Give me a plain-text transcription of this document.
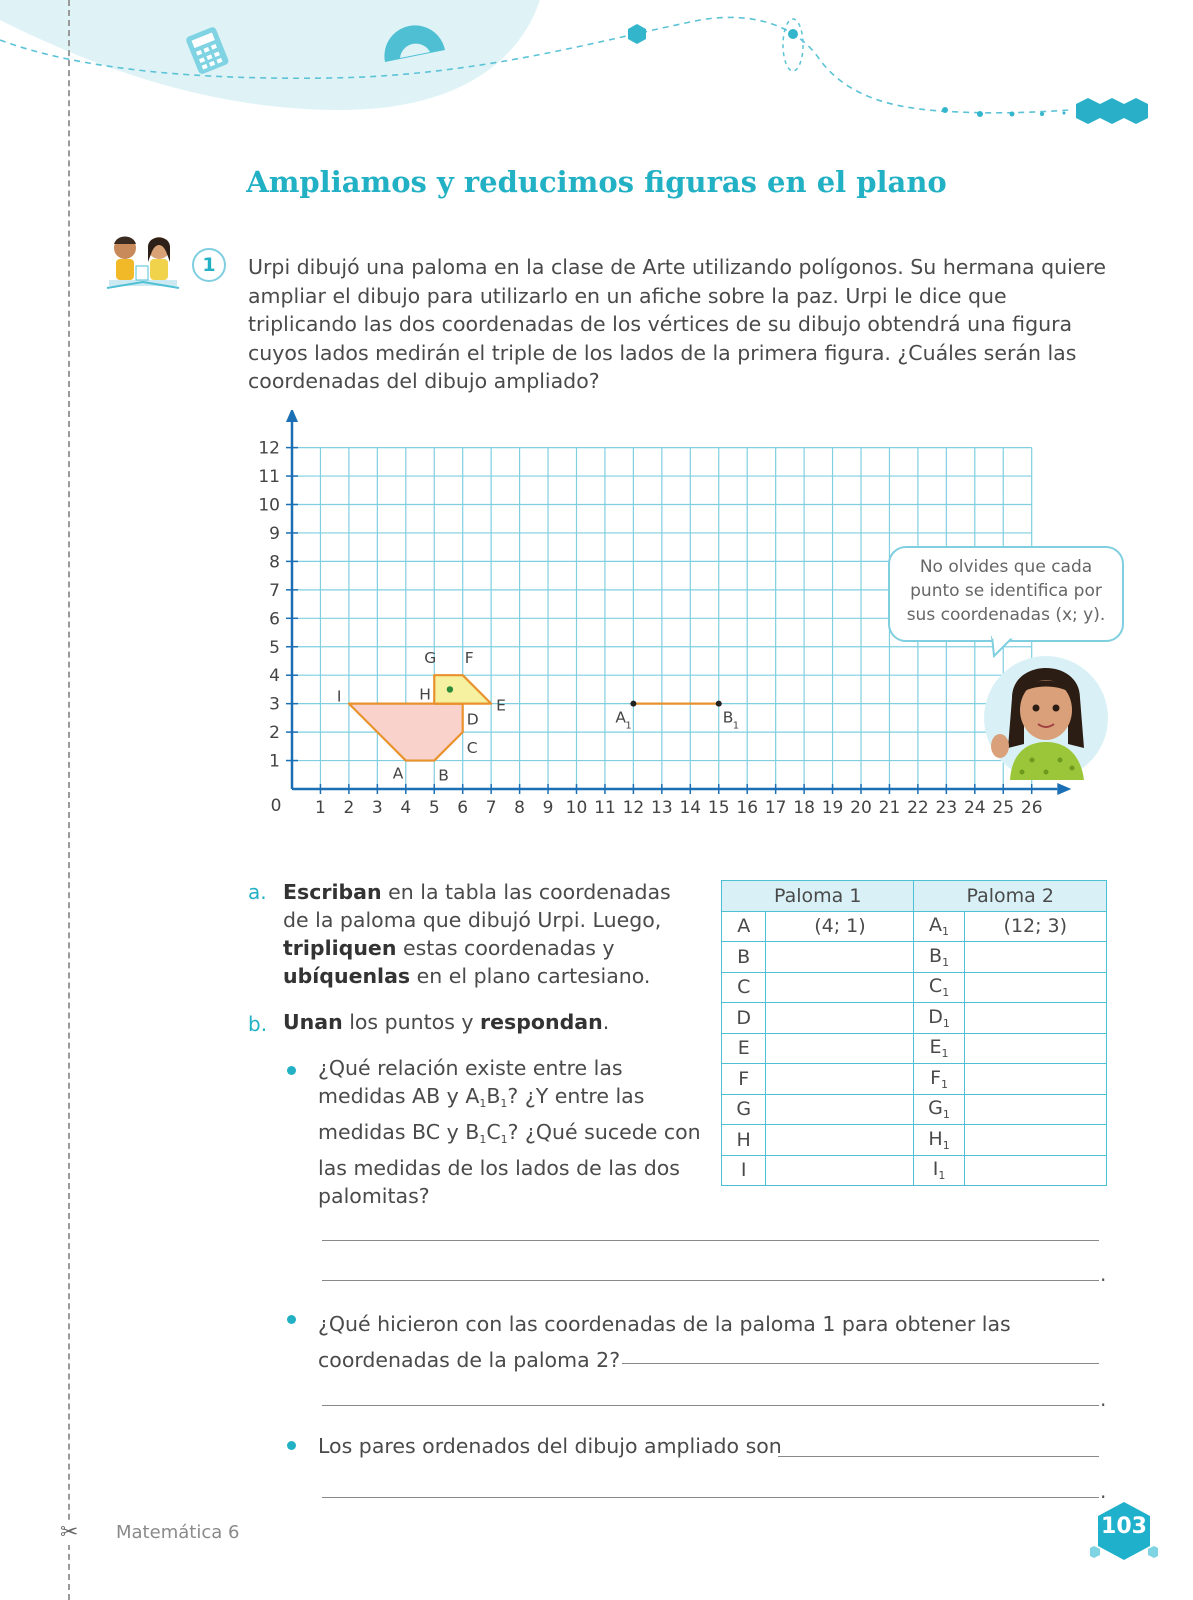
Ampliamos y reducimos figuras en el plano
1	Urpi dibujó una paloma en la clase de Arte utilizando polígonos. Su hermana quiere ampliar el dibujo para utilizarlo en un afiche sobre la paz. Urpi le dice que triplicando las dos coordenadas de los vértices de su dibujo obtendrá una figura cuyos lados medirán el triple de los lados de la primera figura. ¿Cuáles serán las coordenadas del dibujo ampliado?
1 2 3 4 5 6 7 8 9 10 11 12 13 14 15 16 17 18 19 20 21 22 23 24 25 26
1
2
3
4
5
6
7
8
9
10
11
12
0
A B
C
D
E
F
G
H
I
A 1	B 1
No olvides que cada punto se identifica por sus coordenadas (x; y).
a. Escriban en la tabla las coordenadas de la paloma que dibujó Urpi. Luego, tripliquen estas coordenadas y ubíquenlas en el plano cartesiano.
b. Unan los puntos y respondan.
¿Qué relación existe entre las medidas AB y $A_1B_1$? ¿Y entre las medidas BC y $B_1C_1$? ¿Qué sucede con las medidas de los lados de las dos palomitas?
Paloma 1		Paloma 2	
A	(4; 1)	$A_1$	(12; 3)
B		$B_1$	
C		$C_1$	
D		$D_1$	
E		$E_1$	
F		$F_1$	
G		$G_1$	
H		$H_1$	
I		$I_1$	
.
¿Qué hicieron con las coordenadas de la paloma 1 para obtener las coordenadas de la paloma 2?
.
Los pares ordenados del dibujo ampliado son
.
✂ Matemática 6	103
